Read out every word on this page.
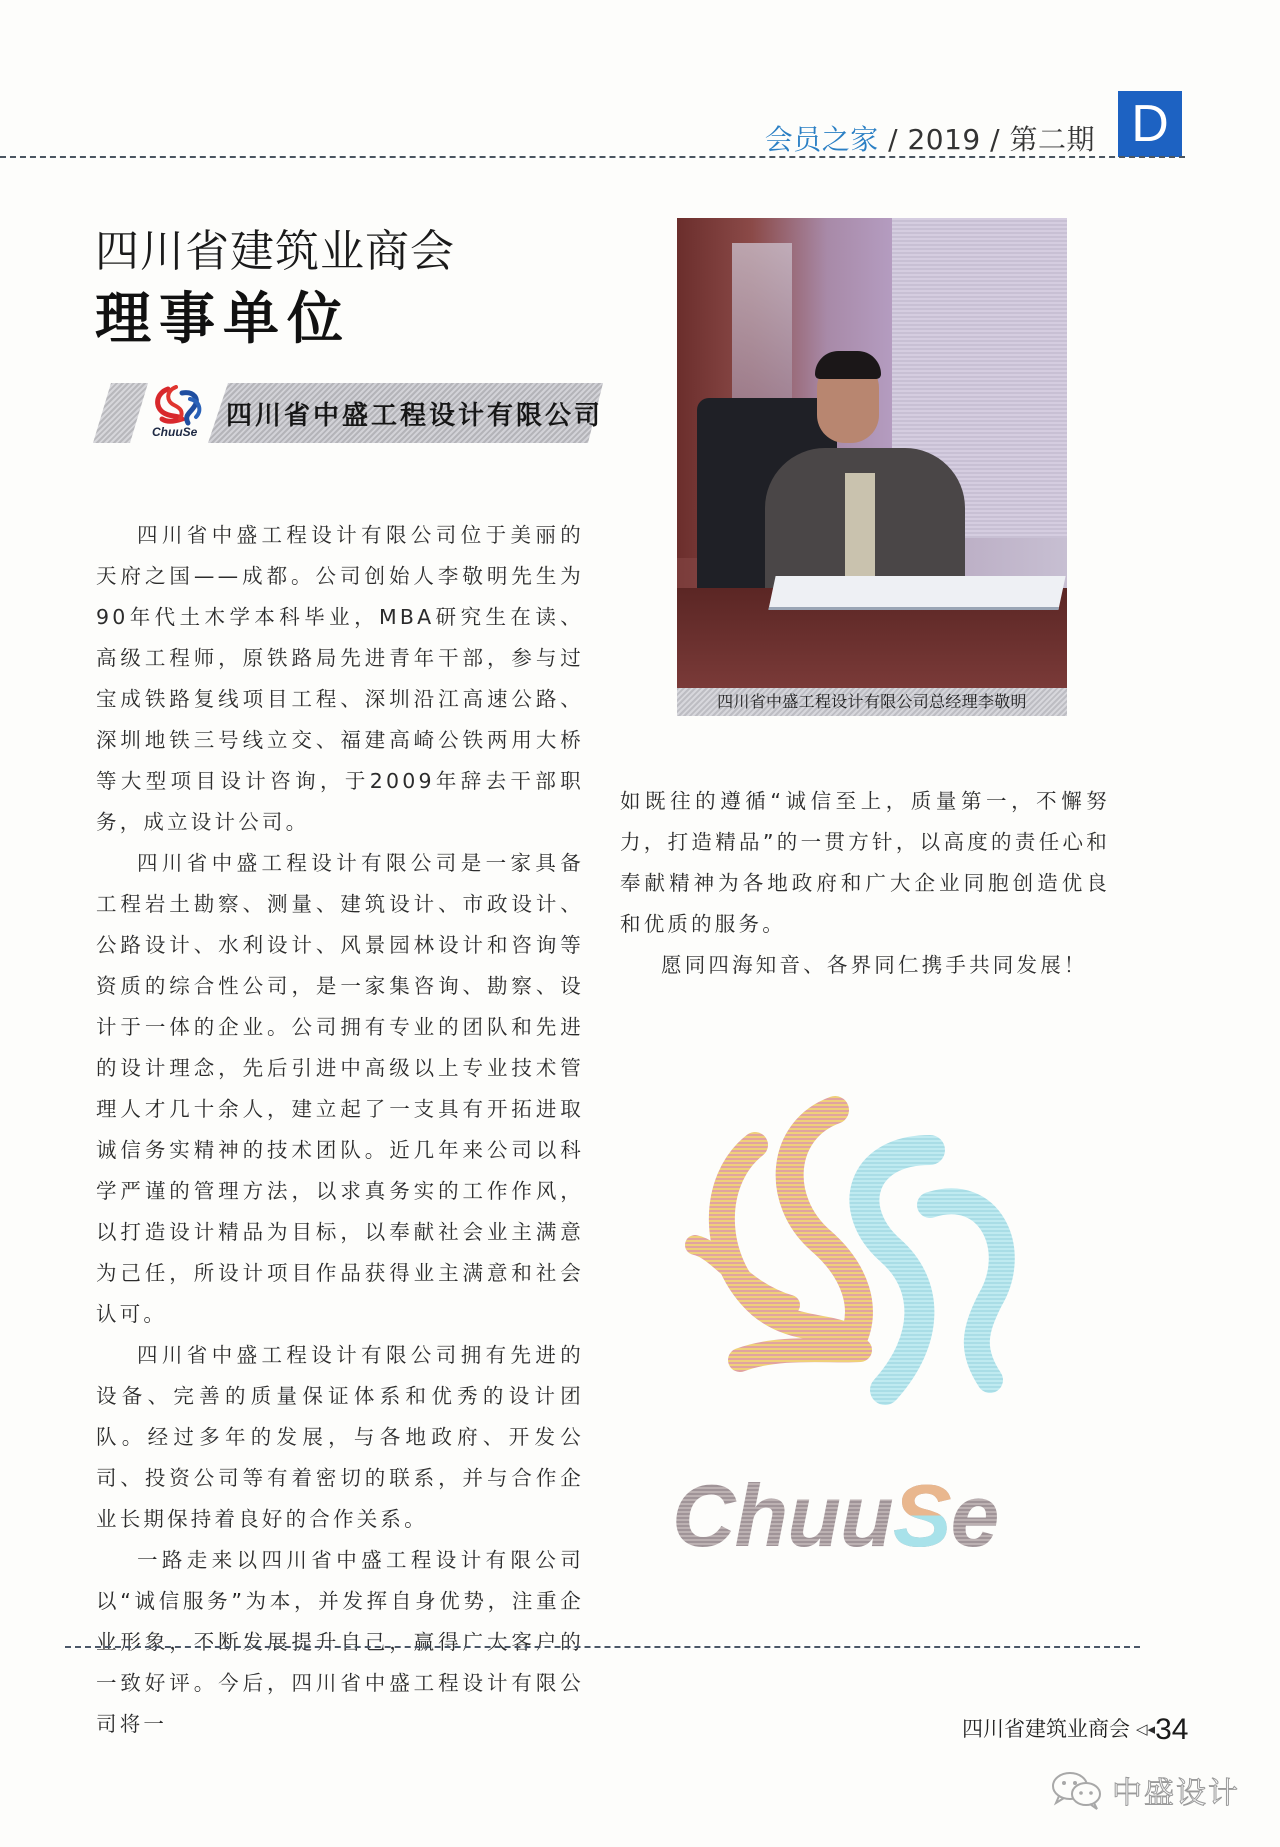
会员之家 / 2019 / 第二期 D
四川省建筑业商会
理事单位
ChuuSe
四川省中盛工程设计有限公司
四川省中盛工程设计有限公司总经理李敬明

四川省中盛工程设计有限公司位于美丽的天府之国——成都。公司创始人李敬明先生为90年代土木学本科毕业，MBA研究生在读、高级工程师，原铁路局先进青年干部，参与过宝成铁路复线项目工程、深圳沿江高速公路、深圳地铁三号线立交、福建高崎公铁两用大桥等大型项目设计咨询，于2009年辞去干部职务，成立设计公司。

四川省中盛工程设计有限公司是一家具备工程岩土勘察、测量、建筑设计、市政设计、公路设计、水利设计、风景园林设计和咨询等资质的综合性公司，是一家集咨询、勘察、设计于一体的企业。公司拥有专业的团队和先进的设计理念，先后引进中高级以上专业技术管理人才几十余人，建立起了一支具有开拓进取诚信务实精神的技术团队。近几年来公司以科学严谨的管理方法，以求真务实的工作作风，以打造设计精品为目标，以奉献社会业主满意为己任，所设计项目作品获得业主满意和社会认可。

四川省中盛工程设计有限公司拥有先进的设备、完善的质量保证体系和优秀的设计团队。经过多年的发展，与各地政府、开发公司、投资公司等有着密切的联系，并与合作企业长期保持着良好的合作关系。

一路走来以四川省中盛工程设计有限公司以“诚信服务”为本，并发挥自身优势，注重企业形象，不断发展提升自己，赢得广大客户的一致好评。今后，四川省中盛工程设计有限公司将一

如既往的遵循“诚信至上，质量第一，不懈努力，打造精品”的一贯方针，以高度的责任心和奉献精神为各地政府和广大企业同胞创造优良和优质的服务。

愿同四海知音、各界同仁携手共同发展！

ChuuSe
四川省建筑业商会 ◁◂34
中盛设计
